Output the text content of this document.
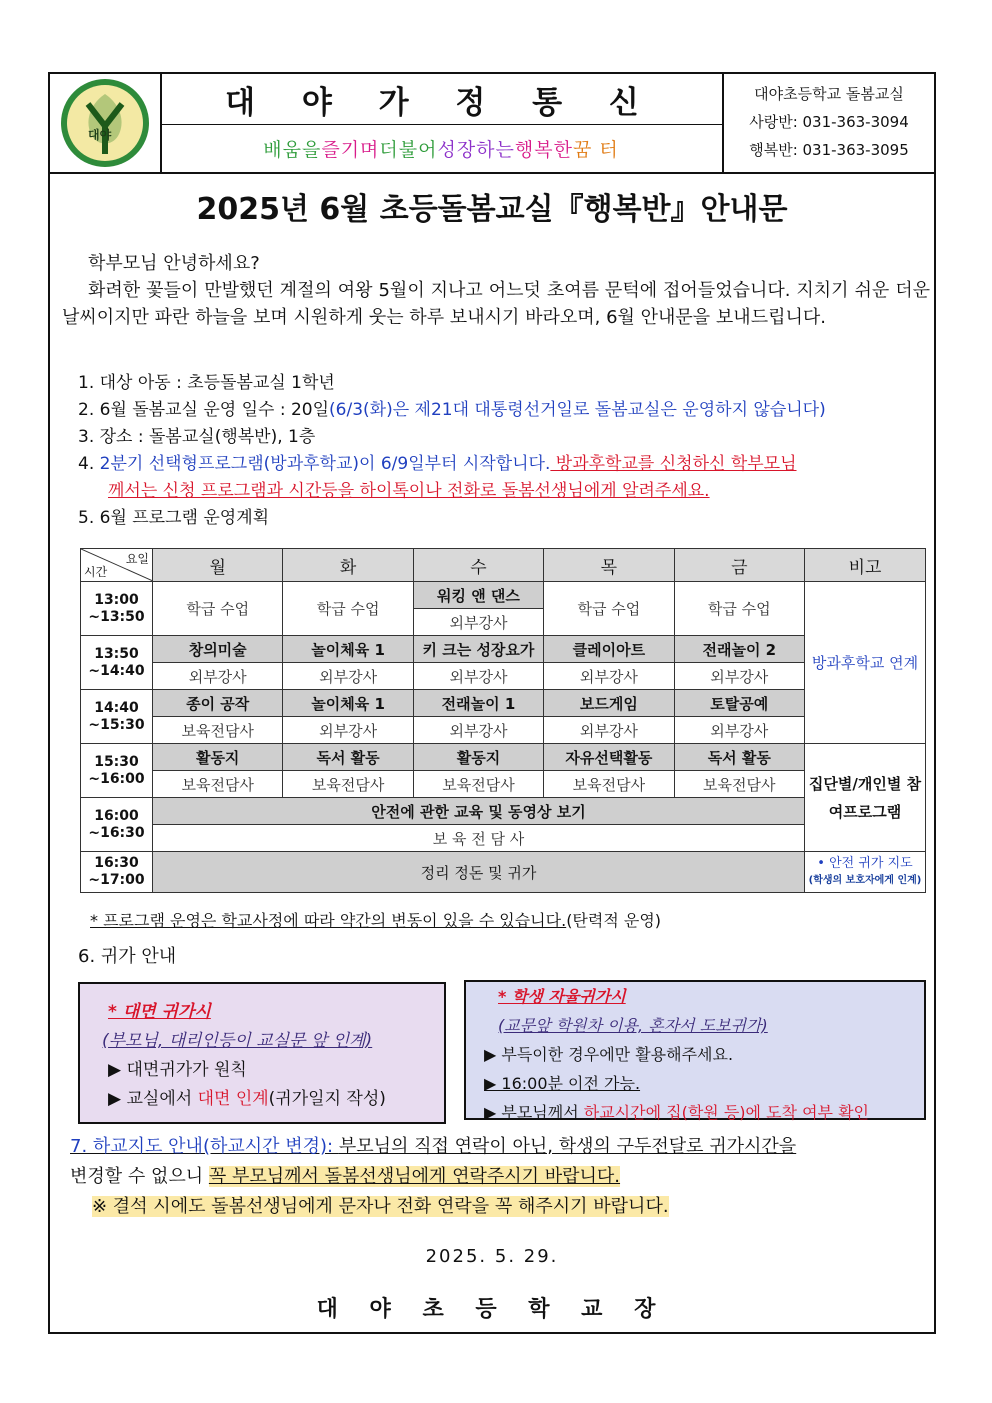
대야
대 야 가 정 통 신
배움을 즐기며 더불어 성장하는 행복한 꿈 터
대야초등학교 돌봄교실
사랑반: 031-363-3094
행복반: 031-363-3095
2025년 6월 초등돌봄교실『행복반』안내문
학부모님 안녕하세요?
화려한 꽃들이 만발했던 계절의 여왕 5월이 지나고 어느덧 초여름 문턱에 접어들었습니다. 지치기 쉬운 더운 날씨이지만 파란 하늘을 보며 시원하게 웃는 하루 보내시기 바라오며, 6월 안내문을 보내드립니다.
1. 대상 아동 : 초등돌봄교실 1학년
2. 6월 돌봄교실 운영 일수 : 20일(6/3(화)은 제21대 대통령선거일로 돌봄교실은 운영하지 않습니다)
3. 장소 : 돌봄교실(행복반), 1층
4. 2분기 선택형프로그램(방과후학교)이 6/9일부터 시작합니다. 방과후학교를 신청하신 학부모님
께서는 신청 프로그램과 시간등을 하이톡이나 전화로 돌봄선생님에게 알려주세요.
5. 6월 프로그램 운영계획
요일
시간	월	화	수	목	금	비고
13:00 ~13:50	학급 수업	학급 수업	워킹 앤 댄스	학급 수업	학급 수업	방과후학교 연계
			외부강사			
13:50 ~14:40	창의미술	놀이체육 1	키 크는 성장요가	클레이아트	전래놀이 2	
	외부강사	외부강사	외부강사	외부강사	외부강사	
14:40 ~15:30	종이 공작	놀이체육 1	전래놀이 1	보드게임	토탈공예	
	보육전담사	외부강사	외부강사	외부강사	외부강사	
15:30 ~16:00	활동지	독서 활동	활동지	자유선택활동	독서 활동	집단별/개인별 참여프로그램
	보육전담사	보육전담사	보육전담사	보육전담사	보육전담사	
16:00 ~16:30	안전에 관한 교육 및 동영상 보기					
	보 육 전 담 사					
16:30 ~17:00	정리 정돈 및 귀가					• 안전 귀가 지도
(학생의 보호자에게 인계)
* 프로그램 운영은 학교사정에 따라 약간의 변동이 있을 수 있습니다.(탄력적 운영)
6. 귀가 안내
* 대면 귀가시
(부모님, 대리인등이 교실문 앞 인계)
▶ 대면귀가가 원칙
▶ 교실에서 대면 인계(귀가일지 작성)
* 학생 자율귀가시
(교문앞 학원차 이용, 혼자서 도보귀가)
▶ 부득이한 경우에만 활용해주세요.
▶ 16:00분 이전 가능.
▶ 부모님께서 하교시간에 집(학원 등)에 도착 여부 확인
7. 하교지도 안내(하교시간 변경): 부모님의 직접 연락이 아닌, 학생의 구두전달로 귀가시간을
변경할 수 없으니 꼭 부모님께서 돌봄선생님에게 연락주시기 바랍니다.
※ 결석 시에도 돌봄선생님에게 문자나 전화 연락을 꼭 해주시기 바랍니다.
2025. 5. 29.
대 야 초 등 학 교 장
